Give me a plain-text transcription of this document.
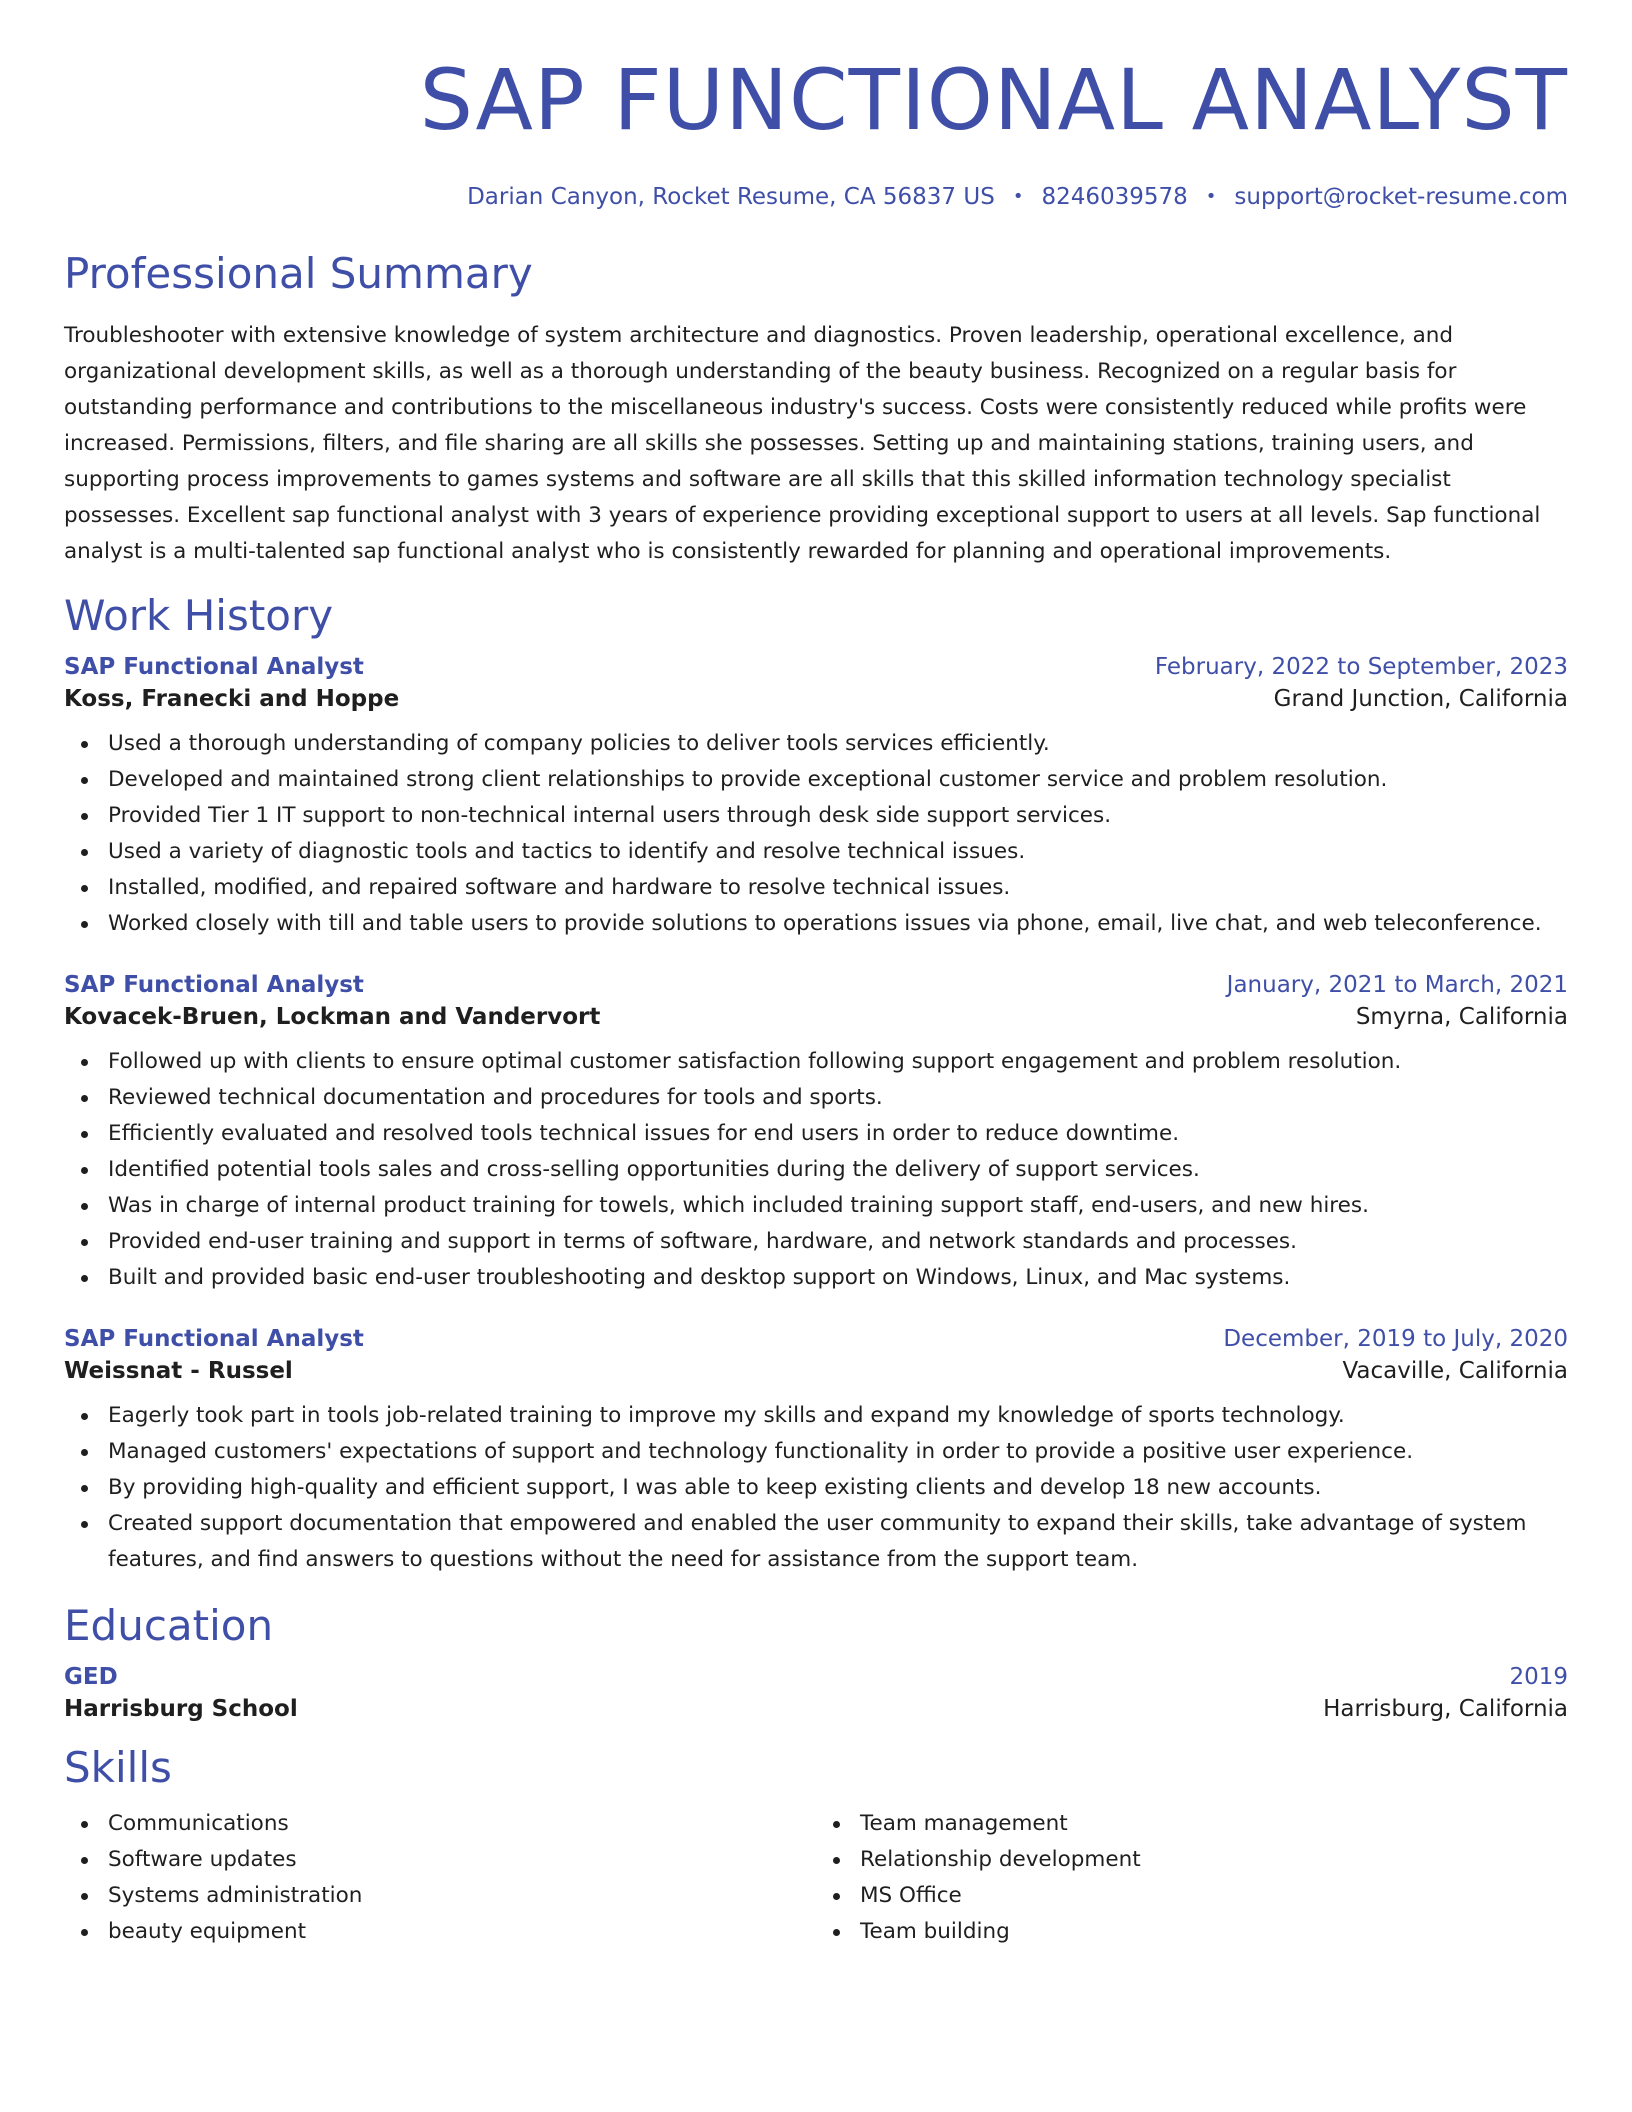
SAP FUNCTIONAL ANALYST
Darian Canyon, Rocket Resume, CA 56837 US • 8246039578 • support@rocket-resume.com
Professional Summary

Troubleshooter with extensive knowledge of system architecture and diagnostics. Proven leadership, operational excellence, and organizational development skills, as well as a thorough understanding of the beauty business. Recognized on a regular basis for outstanding performance and contributions to the miscellaneous industry's success. Costs were consistently reduced while profits were increased. Permissions, filters, and file sharing are all skills she possesses. Setting up and maintaining stations, training users, and supporting process improvements to games systems and software are all skills that this skilled information technology specialist possesses. Excellent sap functional analyst with 3 years of experience providing exceptional support to users at all levels. Sap functional analyst is a multi-talented sap functional analyst who is consistently rewarded for planning and operational improvements.

Work History
SAP Functional Analyst	February, 2022 to September, 2023
Koss, Franecki and Hoppe	Grand Junction, California
Used a thorough understanding of company policies to deliver tools services efficiently.
Developed and maintained strong client relationships to provide exceptional customer service and problem resolution.
Provided Tier 1 IT support to non-technical internal users through desk side support services.
Used a variety of diagnostic tools and tactics to identify and resolve technical issues.
Installed, modified, and repaired software and hardware to resolve technical issues.
Worked closely with till and table users to provide solutions to operations issues via phone, email, live chat, and web teleconference.
SAP Functional Analyst	January, 2021 to March, 2021
Kovacek-Bruen, Lockman and Vandervort	Smyrna, California
Followed up with clients to ensure optimal customer satisfaction following support engagement and problem resolution.
Reviewed technical documentation and procedures for tools and sports.
Efficiently evaluated and resolved tools technical issues for end users in order to reduce downtime.
Identified potential tools sales and cross-selling opportunities during the delivery of support services.
Was in charge of internal product training for towels, which included training support staff, end-users, and new hires.
Provided end-user training and support in terms of software, hardware, and network standards and processes.
Built and provided basic end-user troubleshooting and desktop support on Windows, Linux, and Mac systems.
SAP Functional Analyst	December, 2019 to July, 2020
Weissnat - Russel	Vacaville, California
Eagerly took part in tools job-related training to improve my skills and expand my knowledge of sports technology.
Managed customers' expectations of support and technology functionality in order to provide a positive user experience.
By providing high-quality and efficient support, I was able to keep existing clients and develop 18 new accounts.
Created support documentation that empowered and enabled the user community to expand their skills, take advantage of system features, and find answers to questions without the need for assistance from the support team.
Education
GED	2019
Harrisburg School	Harrisburg, California
Skills
Communications
Software updates
Systems administration
beauty equipment
Team management
Relationship development
MS Office
Team building
